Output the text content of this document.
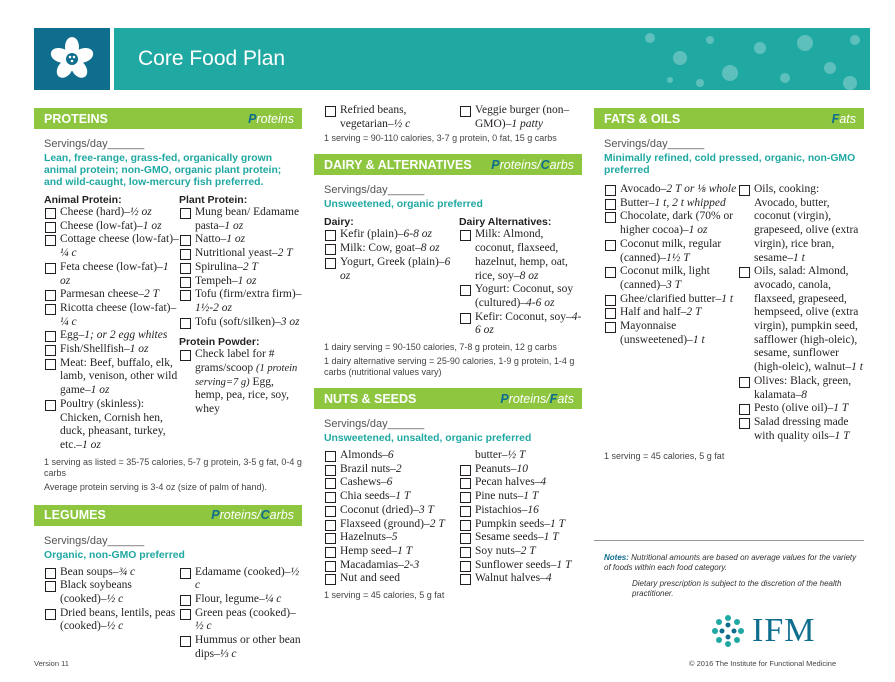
Core Food Plan
PROTEINS	Proteins
Servings/day______
Lean, free-range, grass-fed, organically grown animal protein; non-GMO, organic plant protein; and wild-caught, low-mercury fish preferred.
Animal Protein:
Cheese (hard)–½ oz
Cheese (low-fat)–1 oz
Cottage cheese (low-fat)–¼ c
Feta cheese (low-fat)–1 oz
Parmesan cheese–2 T
Ricotta cheese (low-fat)–¼ c
Egg–1; or 2 egg whites
Fish/Shellfish–1 oz
Meat: Beef, buffalo, elk, lamb, venison, other wild game–1 oz
Poultry (skinless): Chicken, Cornish hen, duck, pheasant, turkey, etc.–1 oz
Plant Protein:
Mung bean/ Edamame pasta–1 oz
Natto–1 oz
Nutritional yeast–2 T
Spirulina–2 T
Tempeh–1 oz
Tofu (firm/extra firm)–1½-2 oz
Tofu (soft/silken)–3 oz
Protein Powder:
Check label for # grams/scoop (1 protein serving=7 g) Egg, hemp, pea, rice, soy, whey
1 serving as listed = 35-75 calories, 5-7 g protein, 3-5 g fat, 0-4 g carbs
Average protein serving is 3-4 oz (size of palm of hand).
LEGUMES	Proteins/Carbs
Servings/day______
Organic, non-GMO preferred
Bean soups–¾ c
Black soybeans (cooked)–½ c
Dried beans, lentils, peas (cooked)–½ c
Edamame (cooked)–½ c
Flour, legume–¼ c
Green peas (cooked)–½ c
Hummus or other bean dips–⅓ c
Refried beans, vegetarian–½ c
Veggie burger (non–GMO)–1 patty
1 serving = 90-110 calories, 3-7 g protein, 0 fat, 15 g carbs
DAIRY & ALTERNATIVES Proteins/Carbs
Servings/day______
Unsweetened, organic preferred
Dairy:
Kefir (plain)–6-8 oz
Milk: Cow, goat–8 oz
Yogurt, Greek (plain)–6 oz
Dairy Alternatives:
Milk: Almond, coconut, flaxseed, hazelnut, hemp, oat, rice, soy–8 oz
Yogurt: Coconut, soy (cultured)–4-6 oz
Kefir: Coconut, soy–4-6 oz
1 dairy serving = 90-150 calories, 7-8 g protein, 12 g carbs
1 dairy alternative serving = 25-90 calories, 1-9 g protein, 1-4 g carbs (nutritional values vary)
NUTS & SEEDS	Proteins/Fats
Servings/day______
Unsweetened, unsalted, organic preferred
Almonds–6
Brazil nuts–2
Cashews–6
Chia seeds–1 T
Coconut (dried)–3 T
Flaxseed (ground)–2 T
Hazelnuts–5
Hemp seed–1 T
Macadamias–2-3
Nut and seed
butter–½ T
Peanuts–10
Pecan halves–4
Pine nuts–1 T
Pistachios–16
Pumpkin seeds–1 T
Sesame seeds–1 T
Soy nuts–2 T
Sunflower seeds–1 T
Walnut halves–4
1 serving = 45 calories, 5 g fat
FATS & OILS	Fats
Servings/day______
Minimally refined, cold pressed, organic, non-GMO preferred
Avocado–2 T or ⅛ whole
Butter–1 t, 2 t whipped
Chocolate, dark (70% or higher cocoa)–1 oz
Coconut milk, regular (canned)–1½ T
Coconut milk, light (canned)–3 T
Ghee/clarified butter–1 t
Half and half–2 T
Mayonnaise (unsweetened)–1 t
Oils, cooking: Avocado, butter, coconut (virgin), grapeseed, olive (extra virgin), rice bran, sesame–1 t
Oils, salad: Almond, avocado, canola, flaxseed, grapeseed, hempseed, olive (extra virgin), pumpkin seed, safflower (high-oleic), sesame, sunflower (high-oleic), walnut–1 t
Olives: Black, green, kalamata–8
Pesto (olive oil)–1 T
Salad dressing made with quality oils–1 T
1 serving = 45 calories, 5 g fat
Notes: Nutritional amounts are based on average values for the variety of foods within each food category.
Dietary prescription is subject to the discretion of the health practitioner.
IFM
Version 11	© 2016 The Institute for Functional Medicine
